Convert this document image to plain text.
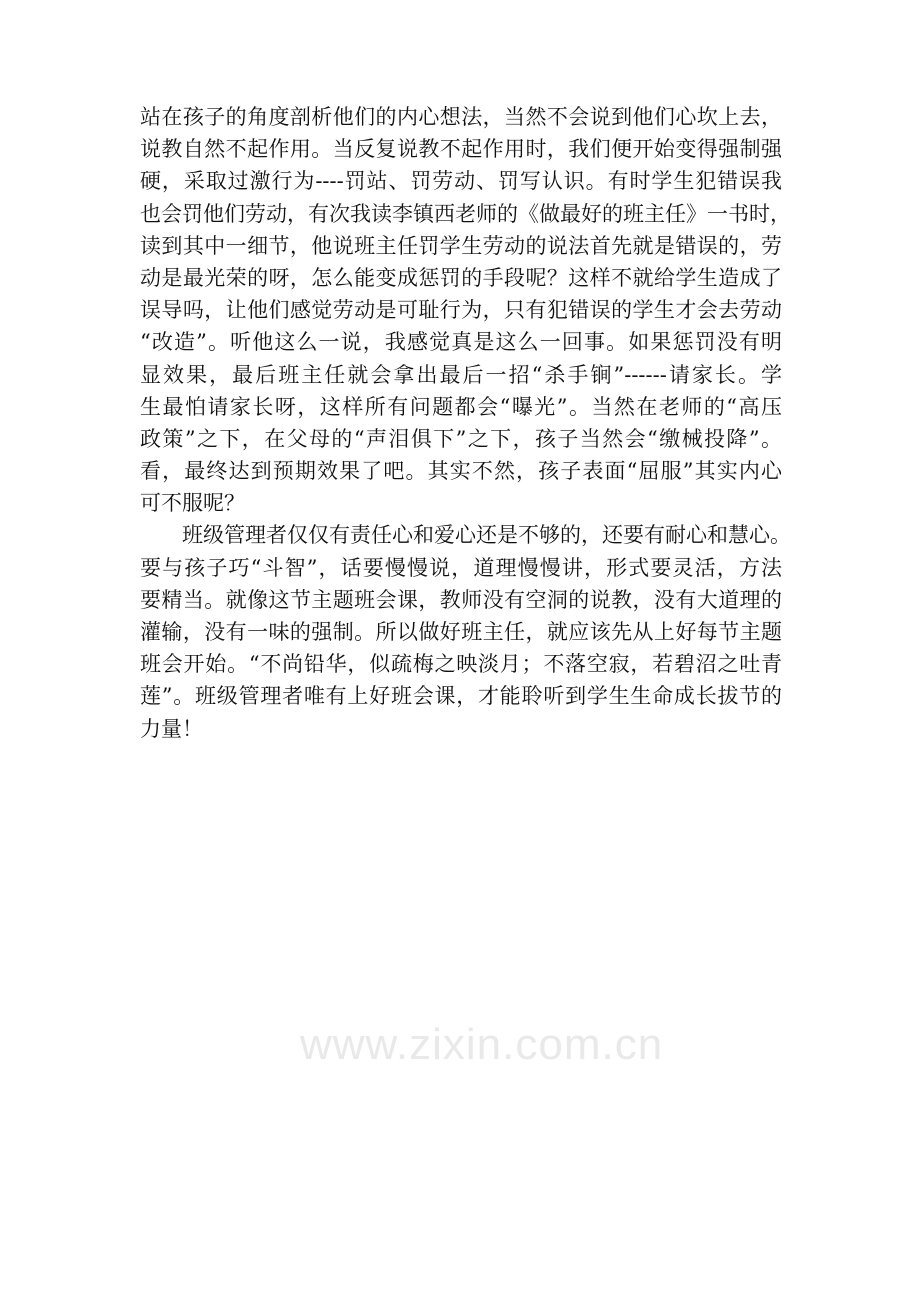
站在孩子的角度剖析他们的内心想法，当然不会说到他们心坎上去，
说教自然不起作用。当反复说教不起作用时，我们便开始变得强制强
硬，采取过激行为----罚站、罚劳动、罚写认识。有时学生犯错误我
也会罚他们劳动，有次我读李镇西老师的《做最好的班主任》一书时，
读到其中一细节，他说班主任罚学生劳动的说法首先就是错误的，劳
动是最光荣的呀，怎么能变成惩罚的手段呢？这样不就给学生造成了
误导吗，让他们感觉劳动是可耻行为，只有犯错误的学生才会去劳动
“改造”。听他这么一说，我感觉真是这么一回事。如果惩罚没有明
显效果，最后班主任就会拿出最后一招“杀手锏”------请家长。学
生最怕请家长呀，这样所有问题都会“曝光”。当然在老师的“高压
政策”之下，在父母的“声泪俱下”之下，孩子当然会“缴械投降”。
看，最终达到预期效果了吧。其实不然，孩子表面“屈服”其实内心
可不服呢？
班级管理者仅仅有责任心和爱心还是不够的，还要有耐心和慧心。
要与孩子巧“斗智”，话要慢慢说，道理慢慢讲，形式要灵活，方法
要精当。就像这节主题班会课，教师没有空洞的说教，没有大道理的
灌输，没有一味的强制。所以做好班主任，就应该先从上好每节主题
班会开始。“不尚铅华，似疏梅之映淡月；不落空寂，若碧沼之吐青
莲”。班级管理者唯有上好班会课，才能聆听到学生生命成长拔节的
力量！
www.zixin.com.cn
